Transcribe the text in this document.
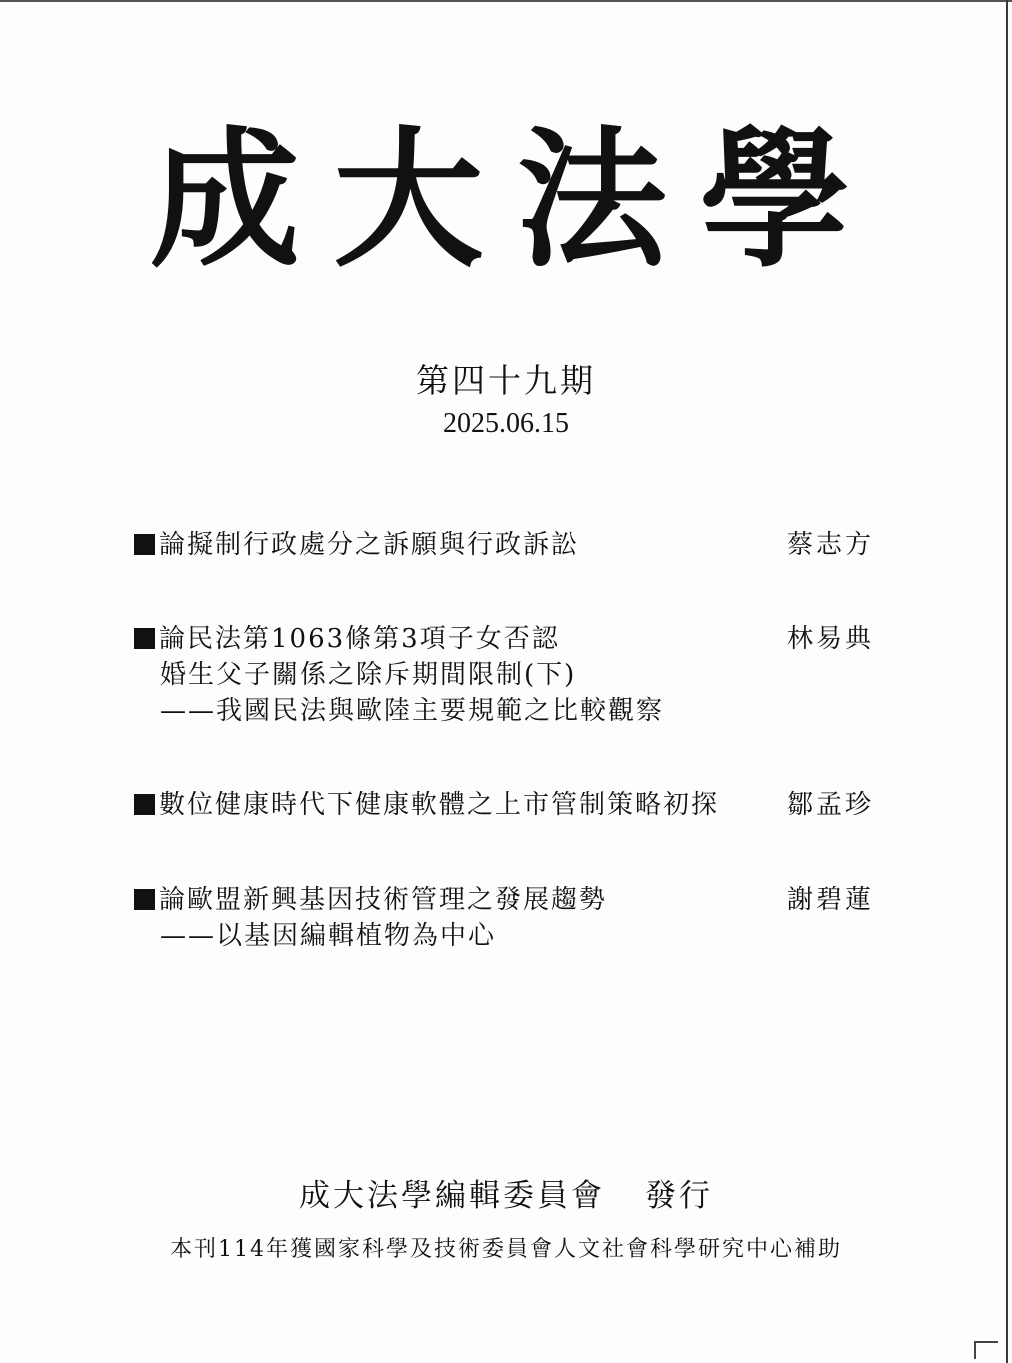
成 大 法 學
第四十九期
2025.06.15
論擬制行政處分之訴願與行政訴訟	蔡志方
論民法第1063條第3項子女否認
婚生父子關係之除斥期間限制(下)
——我國民法與歐陸主要規範之比較觀察
林易典
數位健康時代下健康軟體之上市管制策略初探	鄒孟珍
論歐盟新興基因技術管理之發展趨勢
——以基因編輯植物為中心
謝碧蓮
成大法學編輯委員會 發行
本刊114年獲國家科學及技術委員會人文社會科學研究中心補助
